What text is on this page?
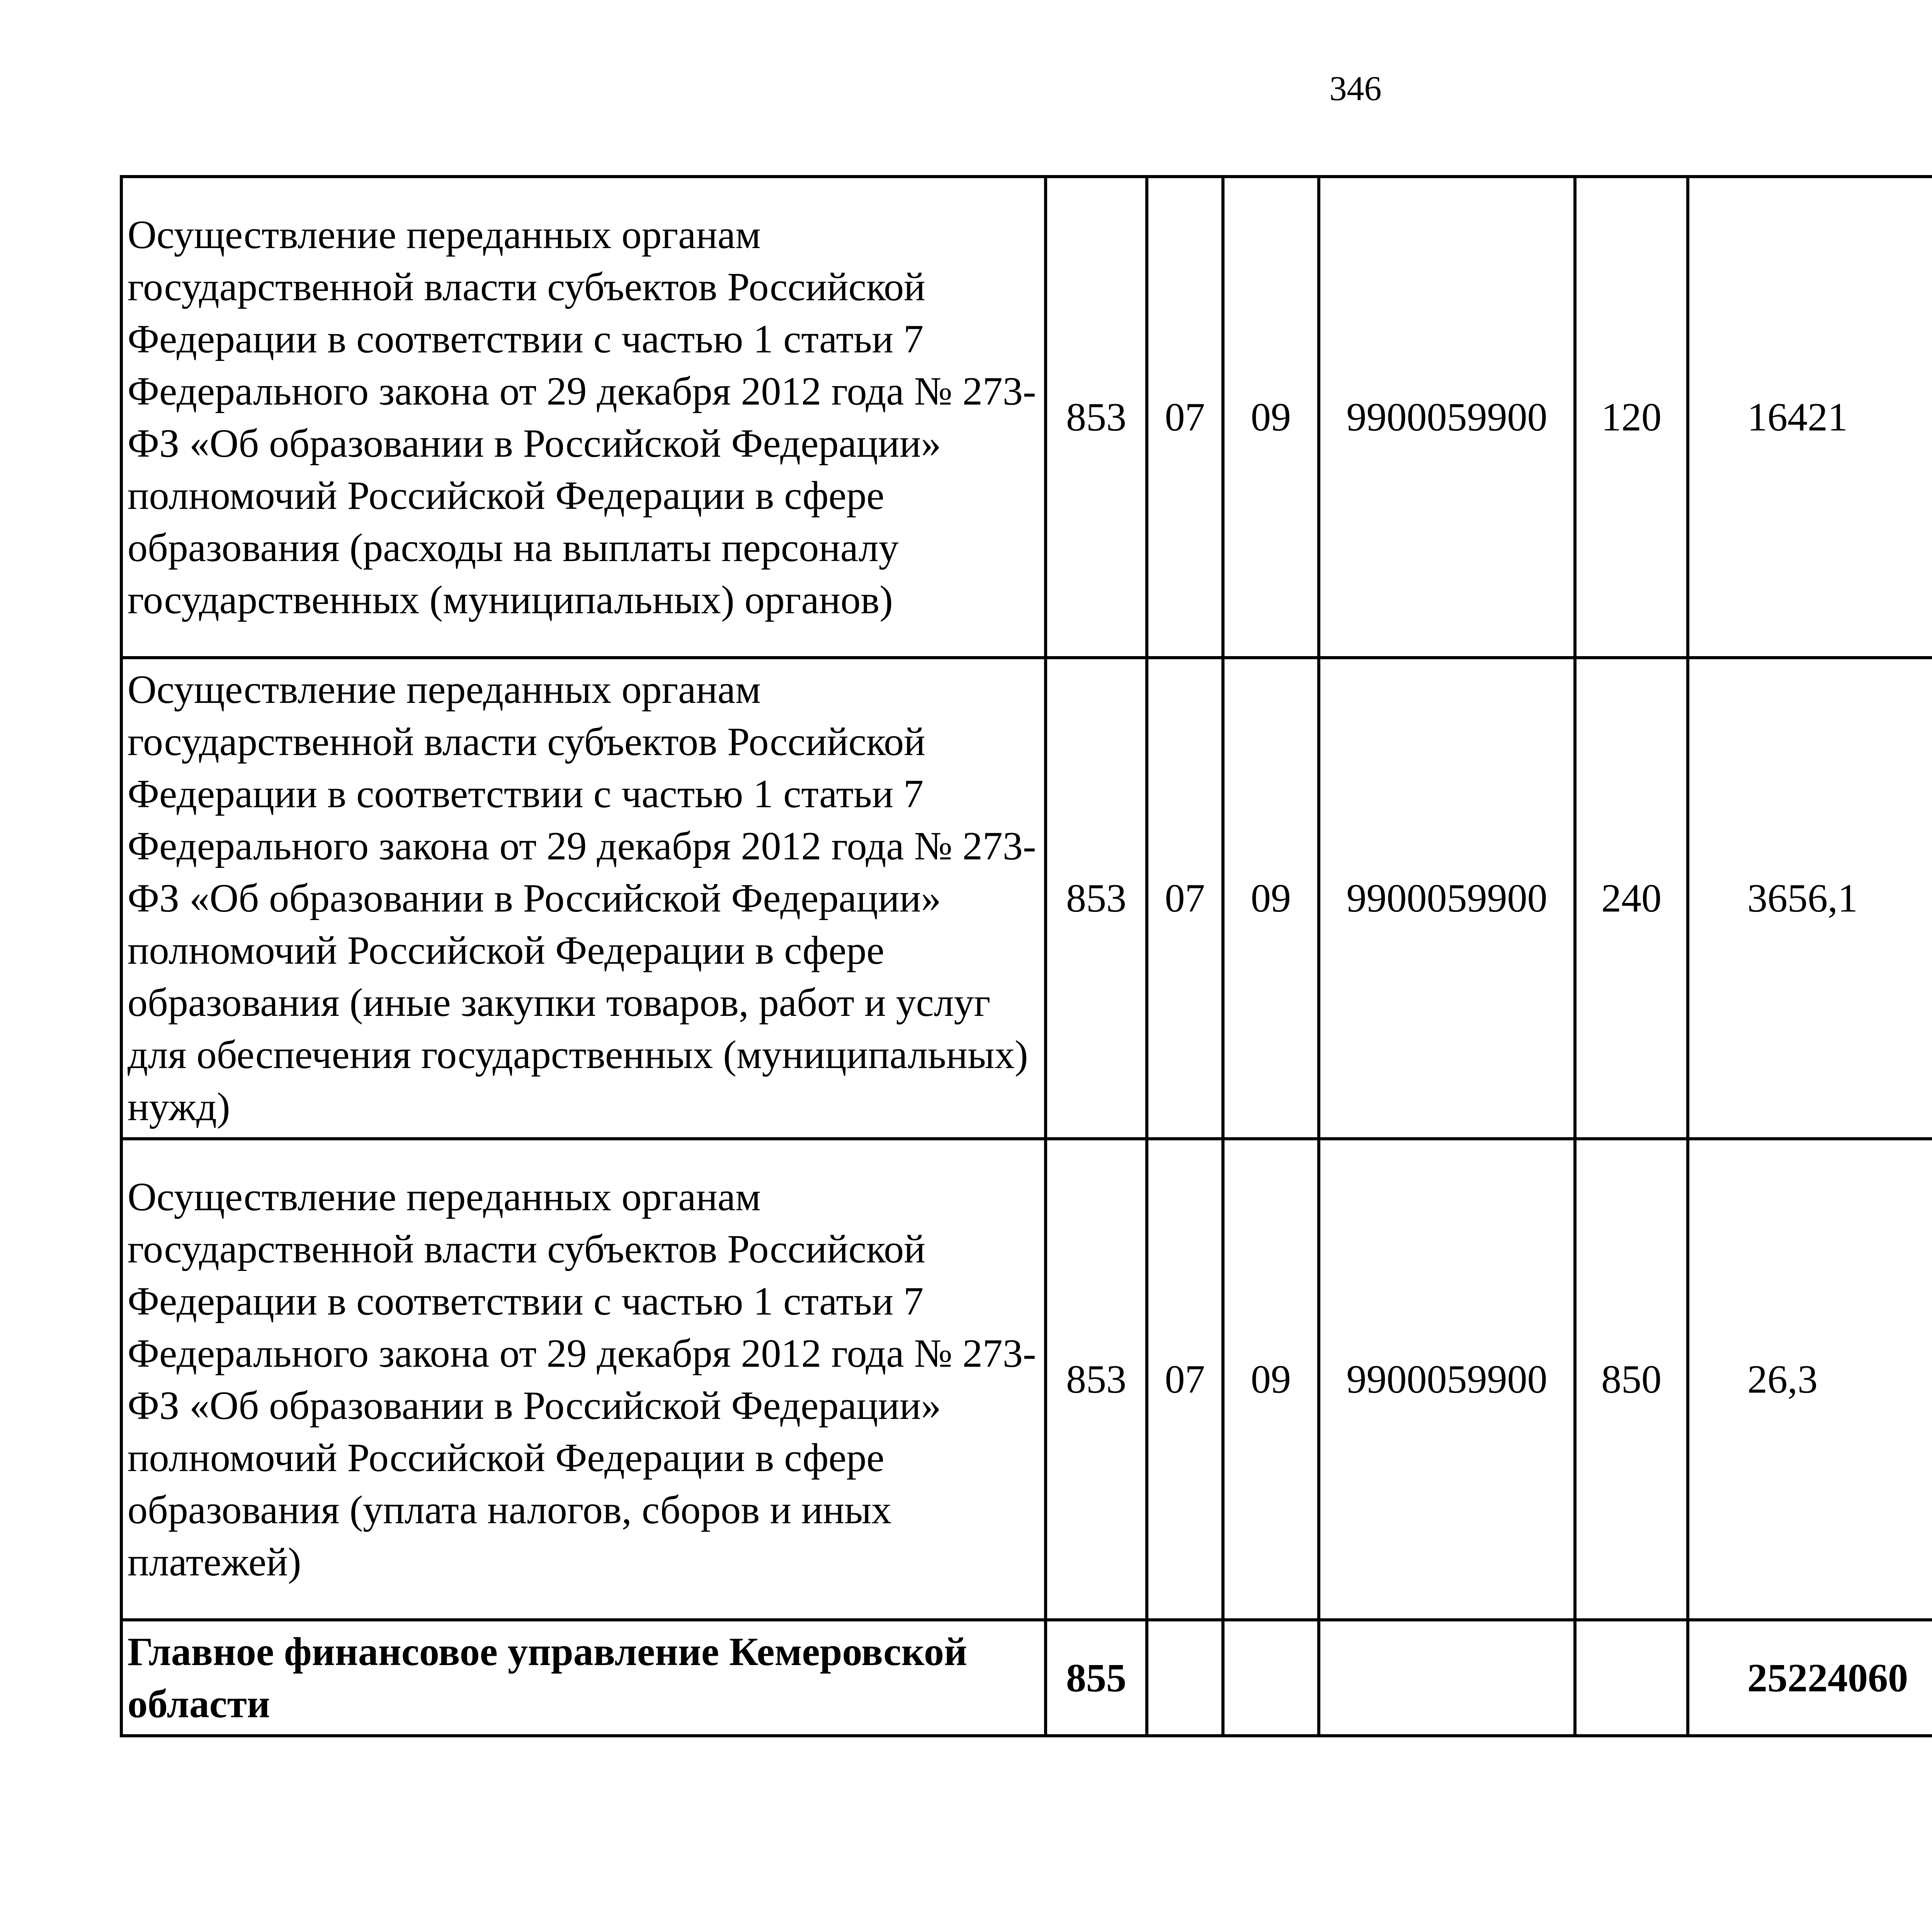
346
Осуществление переданных органам государственной власти субъектов Российской Федерации в соответствии с частью 1 статьи 7 Федерального закона от 29 декабря 2012 года № 273-ФЗ «Об образовании в Российской Федерации» полномочий Российской Федерации в сфере образования (расходы на выплаты персоналу государственных (муниципальных) органов)	853	07	09	9900059900	120	16421		
Осуществление переданных органам государственной власти субъектов Российской Федерации в соответствии с частью 1 статьи 7 Федерального закона от 29 декабря 2012 года № 273-ФЗ «Об образовании в Российской Федерации» полномочий Российской Федерации в сфере образования (иные закупки товаров, работ и услуг для обеспечения государственных (муниципальных) нужд)	853	07	09	9900059900	240	3656,1		
Осуществление переданных органам государственной власти субъектов Российской Федерации в соответствии с частью 1 статьи 7 Федерального закона от 29 декабря 2012 года № 273-ФЗ «Об образовании в Российской Федерации» полномочий Российской Федерации в сфере образования (уплата налогов, сборов и иных платежей)	853	07	09	9900059900	850	26,3		
Главное финансовое управление Кемеровской области	855					25224060		
